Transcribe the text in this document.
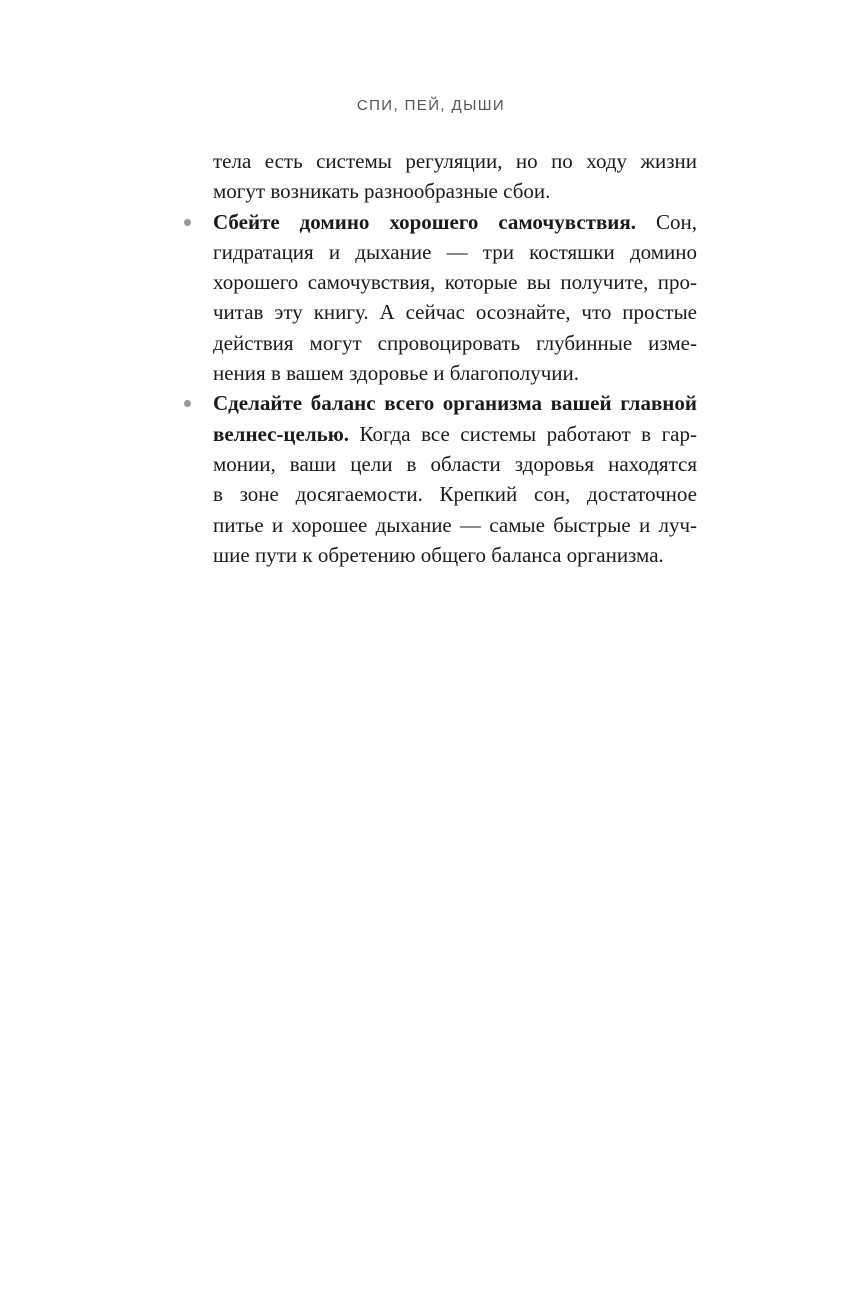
СПИ, ПЕЙ, ДЫШИ

тела есть системы регуляции, но по ходу жизни
могут возникать разнообразные сбои.

Сбейте домино хорошего самочувствия. Сон,
гидратация и дыхание — три костяшки домино
хорошего самочувствия, которые вы получите, про-
читав эту книгу. А сейчас осознайте, что простые
действия могут спровоцировать глубинные изме-
нения в вашем здоровье и благополучии.

Сделайте баланс всего организма вашей главной
велнес-целью. Когда все системы работают в гар-
монии, ваши цели в области здоровья находятся
в зоне досягаемости. Крепкий сон, достаточное
питье и хорошее дыхание — самые быстрые и луч-
шие пути к обретению общего баланса организма.
